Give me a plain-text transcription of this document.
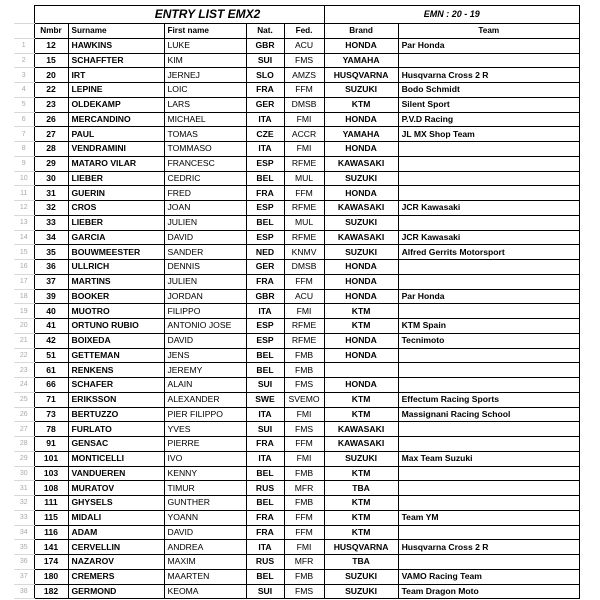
	ENTRY LIST EMX2					EMN : 20 - 19	
	Nmbr	Surname	First name	Nat.	Fed.	Brand	Team
1	12	HAWKINS	LUKE	GBR	ACU	HONDA	Par Honda
2	15	SCHAFFTER	KIM	SUI	FMS	YAMAHA	
3	20	IRT	JERNEJ	SLO	AMZS	HUSQVARNA	Husqvarna Cross 2 R
4	22	LEPINE	LOIC	FRA	FFM	SUZUKI	Bodo Schmidt
5	23	OLDEKAMP	LARS	GER	DMSB	KTM	Silent Sport
6	26	MERCANDINO	MICHAEL	ITA	FMI	HONDA	P.V.D Racing
7	27	PAUL	TOMAS	CZE	ACCR	YAMAHA	JL MX Shop Team
8	28	VENDRAMINI	TOMMASO	ITA	FMI	HONDA	
9	29	MATARO VILAR	FRANCESC	ESP	RFME	KAWASAKI	
10	30	LIEBER	CEDRIC	BEL	MUL	SUZUKI	
11	31	GUERIN	FRED	FRA	FFM	HONDA	
12	32	CROS	JOAN	ESP	RFME	KAWASAKI	JCR Kawasaki
13	33	LIEBER	JULIEN	BEL	MUL	SUZUKI	
14	34	GARCIA	DAVID	ESP	RFME	KAWASAKI	JCR Kawasaki
15	35	BOUWMEESTER	SANDER	NED	KNMV	SUZUKI	Alfred Gerrits Motorsport
16	36	ULLRICH	DENNIS	GER	DMSB	HONDA	
17	37	MARTINS	JULIEN	FRA	FFM	HONDA	
18	39	BOOKER	JORDAN	GBR	ACU	HONDA	Par Honda
19	40	MUOTRO	FILIPPO	ITA	FMI	KTM	
20	41	ORTUNO RUBIO	ANTONIO JOSE	ESP	RFME	KTM	KTM Spain
21	42	BOIXEDA	DAVID	ESP	RFME	HONDA	Tecnimoto
22	51	GETTEMAN	JENS	BEL	FMB	HONDA	
23	61	RENKENS	JEREMY	BEL	FMB		
24	66	SCHAFER	ALAIN	SUI	FMS	HONDA	
25	71	ERIKSSON	ALEXANDER	SWE	SVEMO	KTM	Effectum Racing Sports
26	73	BERTUZZO	PIER FILIPPO	ITA	FMI	KTM	Massignani Racing School
27	78	FURLATO	YVES	SUI	FMS	KAWASAKI	
28	91	GENSAC	PIERRE	FRA	FFM	KAWASAKI	
29	101	MONTICELLI	IVO	ITA	FMI	SUZUKI	Max Team Suzuki
30	103	VANDUEREN	KENNY	BEL	FMB	KTM	
31	108	MURATOV	TIMUR	RUS	MFR	TBA	
32	111	GHYSELS	GUNTHER	BEL	FMB	KTM	
33	115	MIDALI	YOANN	FRA	FFM	KTM	Team YM
34	116	ADAM	DAVID	FRA	FFM	KTM	
35	141	CERVELLIN	ANDREA	ITA	FMI	HUSQVARNA	Husqvarna Cross 2 R
36	174	NAZAROV	MAXIM	RUS	MFR	TBA	
37	180	CREMERS	MAARTEN	BEL	FMB	SUZUKI	VAMO Racing Team
38	182	GERMOND	KEOMA	SUI	FMS	SUZUKI	Team Dragon Moto
